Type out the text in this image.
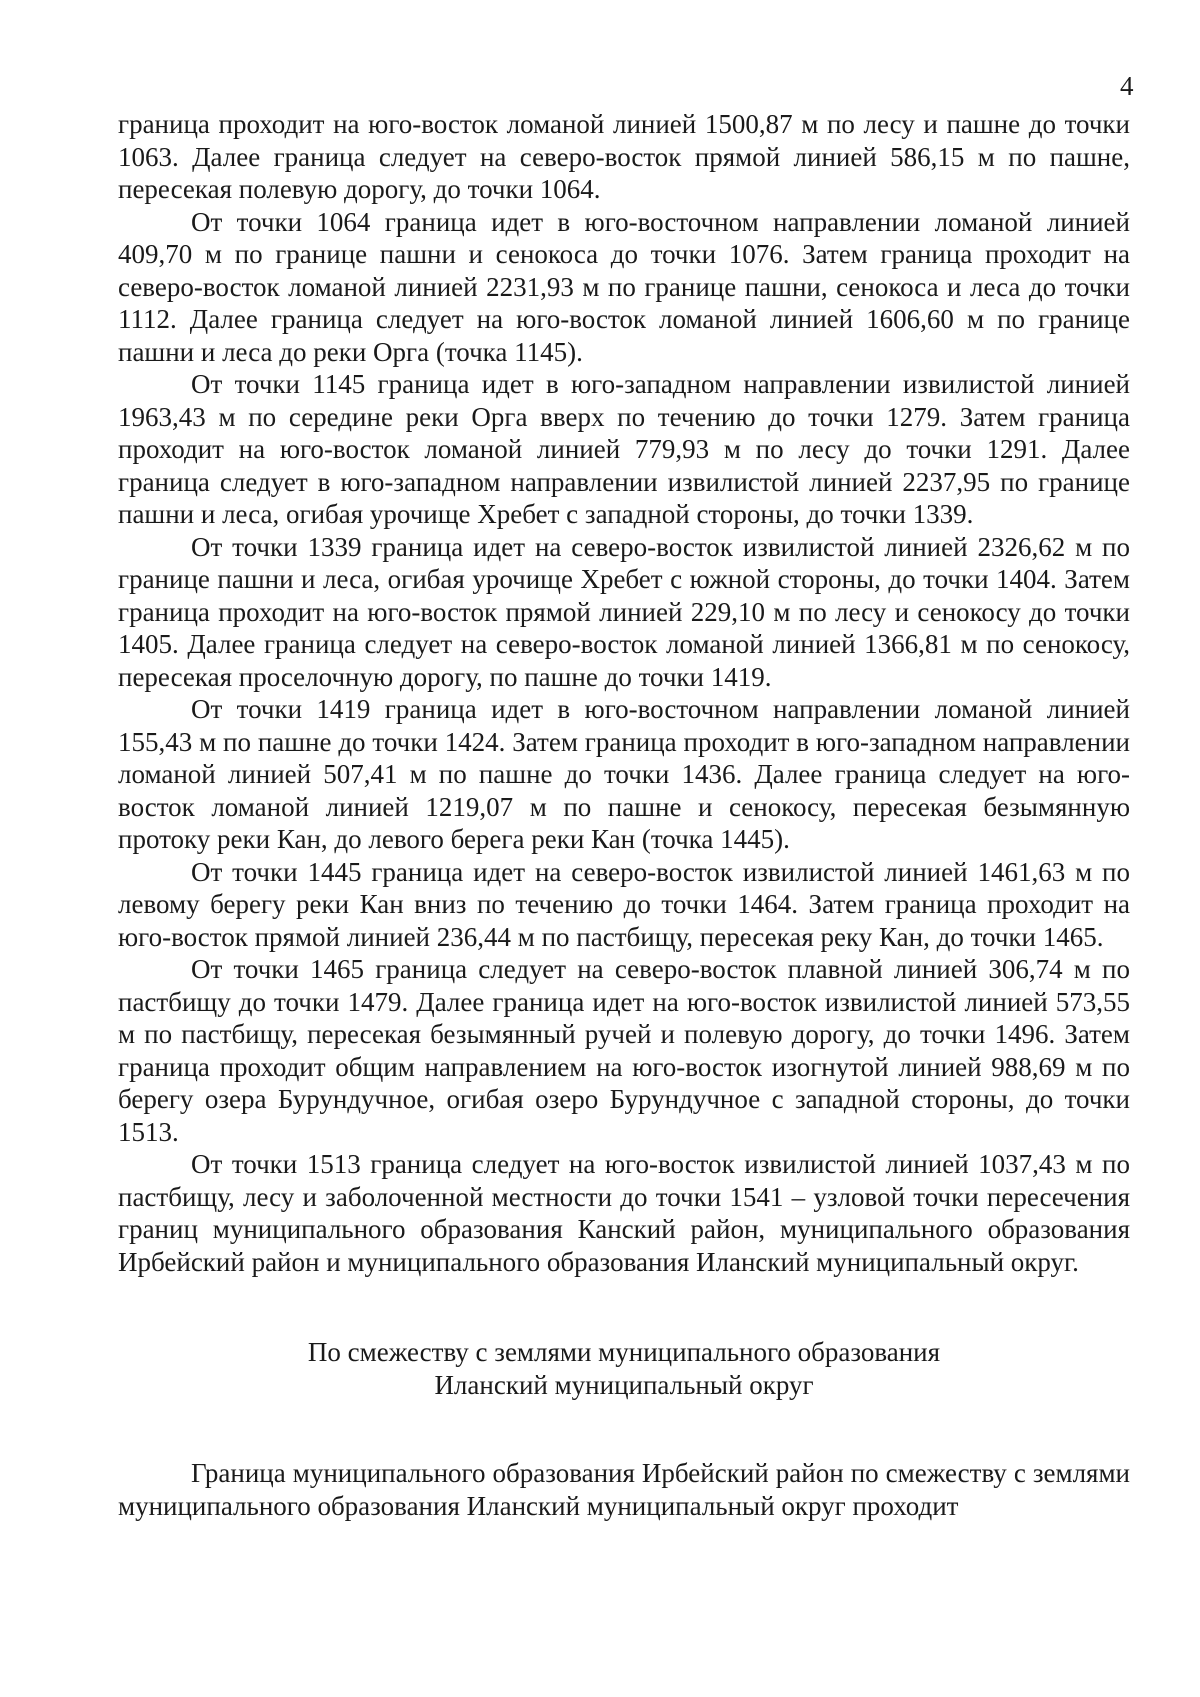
4

граница проходит на юго-восток ломаной линией 1500,87 м по лесу и пашне до точки 1063. Далее граница следует на северо-восток прямой линией 586,15 м по пашне, пересекая полевую дорогу, до точки 1064.

От точки 1064 граница идет в юго-восточном направлении ломаной линией 409,70 м по границе пашни и сенокоса до точки 1076. Затем граница проходит на северо-восток ломаной линией 2231,93 м по границе пашни, сенокоса и леса до точки 1112. Далее граница следует на юго-восток ломаной линией 1606,60 м по границе пашни и леса до реки Орга (точка 1145).

От точки 1145 граница идет в юго-западном направлении извилистой линией 1963,43 м по середине реки Орга вверх по течению до точки 1279. Затем граница проходит на юго-восток ломаной линией 779,93 м по лесу до точки 1291. Далее граница следует в юго-западном направлении извилистой линией 2237,95 по границе пашни и леса, огибая урочище Хребет с западной стороны, до точки 1339.

От точки 1339 граница идет на северо-восток извилистой линией 2326,62 м по границе пашни и леса, огибая урочище Хребет с южной стороны, до точки 1404. Затем граница проходит на юго-восток прямой линией 229,10 м по лесу и сенокосу до точки 1405. Далее граница следует на северо-восток ломаной линией 1366,81 м по сенокосу, пересекая проселочную дорогу, по пашне до точки 1419.

От точки 1419 граница идет в юго-восточном направлении ломаной линией 155,43 м по пашне до точки 1424. Затем граница проходит в юго-западном направлении ломаной линией 507,41 м по пашне до точки 1436. Далее граница следует на юго-восток ломаной линией 1219,07 м по пашне и сенокосу, пересекая безымянную протоку реки Кан, до левого берега реки Кан (точка 1445).

От точки 1445 граница идет на северо-восток извилистой линией 1461,63 м по левому берегу реки Кан вниз по течению до точки 1464. Затем граница проходит на юго-восток прямой линией 236,44 м по пастбищу, пересекая реку Кан, до точки 1465.

От точки 1465 граница следует на северо-восток плавной линией 306,74 м по пастбищу до точки 1479. Далее граница идет на юго-восток извилистой линией 573,55 м по пастбищу, пересекая безымянный ручей и полевую дорогу, до точки 1496. Затем граница проходит общим направлением на юго-восток изогнутой линией 988,69 м по берегу озера Бурундучное, огибая озеро Бурундучное с западной стороны, до точки 1513.

От точки 1513 граница следует на юго-восток извилистой линией 1037,43 м по пастбищу, лесу и заболоченной местности до точки 1541 – узловой точки пересечения границ муниципального образования Канский район, муниципального образования Ирбейский район и муниципального образования Иланский муниципальный округ.

По смежеству с землями муниципального образования
Иланский муниципальный округ

Граница муниципального образования Ирбейский район по смежеству с землями муниципального образования Иланский муниципальный округ проходит
